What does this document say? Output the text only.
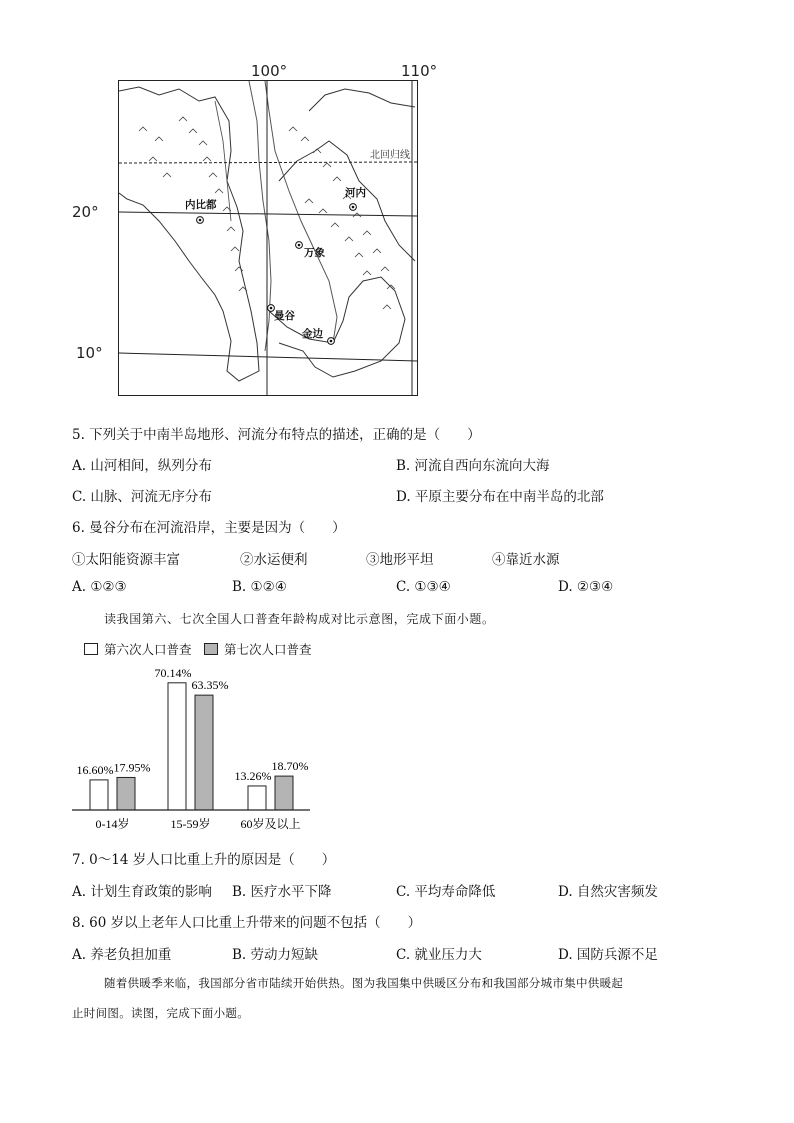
100°	110°
20°
10°
北回归线
内比都
河内
万象
曼谷
金边
5. 下列关于中南半岛地形、河流分布特点的描述，正确的是（　　）
A. 山河相间，纵列分布	B. 河流自西向东流向大海
C. 山脉、河流无序分布	D. 平原主要分布在中南半岛的北部
6. 曼谷分布在河流沿岸，主要是因为（　　）
①太阳能资源丰富	②水运便利	③地形平坦	④靠近水源
A. ①②③	B. ①②④	C. ①③④	D. ②③④
读我国第六、七次全国人口普查年龄构成对比示意图，完成下面小题。
第六次人口普查	第七次人口普查
16.60% 17.95%
70.14%
63.35%
13.26%
18.70%
0-14岁	15-59岁 60岁及以上
7. 0～14 岁人口比重上升的原因是（　　）
A. 计划生育政策的影响 B. 医疗水平下降	C. 平均寿命降低	D. 自然灾害频发
8. 60 岁以上老年人口比重上升带来的问题不包括（　　）
A. 养老负担加重	B. 劳动力短缺	C. 就业压力大	D. 国防兵源不足
随着供暖季来临，我国部分省市陆续开始供热。图为我国集中供暖区分布和我国部分城市集中供暖起
止时间图。读图，完成下面小题。
